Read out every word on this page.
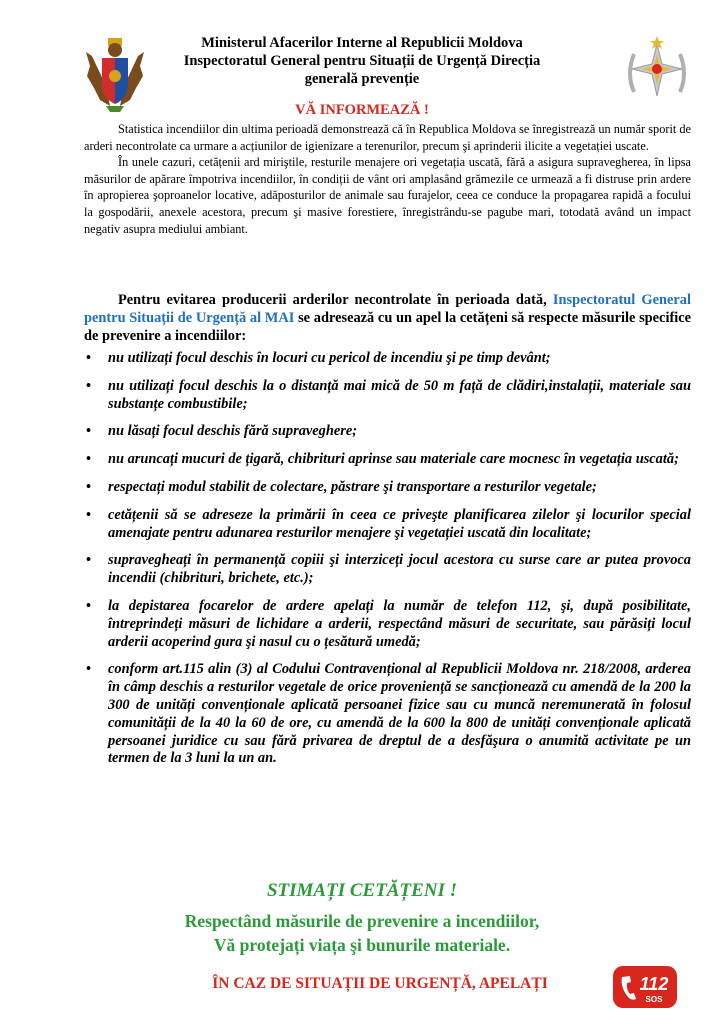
Ministerul Afacerilor Interne al Republicii Moldova
Inspectoratul General pentru Situații de Urgență Direcția
generală prevenție
VĂ INFORMEAZĂ !

Statistica incendiilor din ultima perioadă demonstrează că în Republica Moldova se înregistrează un număr sporit de arderi necontrolate ca urmare a acțiunilor de igienizare a terenurilor, precum şi aprinderii ilicite a vegetației uscate.

În unele cazuri, cetățenii ard miriştile, resturile menajere ori vegetația uscată, fără a asigura supravegherea, în lipsa măsurilor de apărare împotriva incendiilor, în condiții de vânt ori amplasând grămezile ce urmează a fi distruse prin ardere în apropierea şoproanelor locative, adăposturilor de animale sau furajelor, ceea ce conduce la propagarea rapidă a focului la gospodării, anexele acestora, precum şi masive forestiere, înregistrându-se pagube mari, totodată având un impact negativ asupra mediului ambiant.

Pentru evitarea producerii arderilor necontrolate în perioada dată, Inspectoratul General pentru Situații de Urgență al MAI se adresează cu un apel la cetățeni să respecte măsurile specifice de prevenire a incendiilor:

• nu utilizați focul deschis în locuri cu pericol de incendiu şi pe timp devânt;
• nu utilizați focul deschis la o distanță mai mică de 50 m față de clădiri,instalații, materiale sau substanțe combustibile;
• nu lăsați focul deschis fără supraveghere;
• nu aruncați mucuri de țigară, chibrituri aprinse sau materiale care mocnesc în vegetația uscată;
• respectați modul stabilit de colectare, păstrare şi transportare a resturilor vegetale;
• cetățenii să se adreseze la primării în ceea ce priveşte planificarea zilelor şi locurilor special amenajate pentru adunarea resturilor menajere şi vegetației uscată din localitate;
• supravegheați în permanență copiii şi interziceți jocul acestora cu surse care ar putea provoca incendii (chibrituri, brichete, etc.);
• la depistarea focarelor de ardere apelați la număr de telefon 112, şi, după posibilitate, întreprindeți măsuri de lichidare a arderii, respectând măsuri de securitate, sau părăsiți locul arderii acoperind gura şi nasul cu o țesătură umedă;
• conform art.115 alin (3) al Codului Contravențional al Republicii Moldova nr. 218/2008, arderea în câmp deschis a resturilor vegetale de orice proveniență se sancționează cu amendă de la 200 la 300 de unități convenționale aplicată persoanei fizice sau cu muncă neremunerată în folosul comunității de la 40 la 60 de ore, cu amendă de la 600 la 800 de unități convenționale aplicată persoanei juridice cu sau fără privarea de dreptul de a desfăşura o anumită activitate pe un termen de la 3 luni la un an.
STIMAȚI CETĂȚENI !
Respectând măsurile de prevenire a incendiilor,
Vă protejați viața şi bunurile materiale.
ÎN CAZ DE SITUAȚII DE URGENȚĂ, APELAȚI	112
SOS
